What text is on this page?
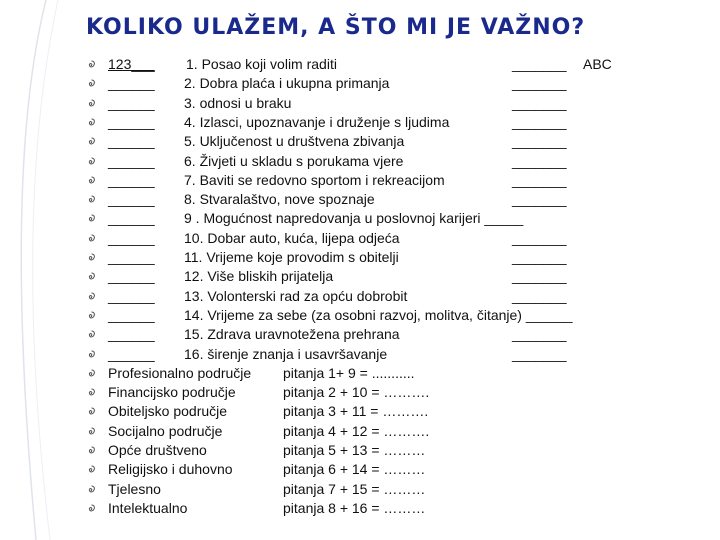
KOLIKO ULAŽEM, A ŠTO MI JE VAŽNO?
123___ 1. Posao koji volim raditi	_______ ABC
______ 2. Dobra plaća i ukupna primanja	_______
______ 3. odnosi u braku	_______
______ 4. Izlasci, upoznavanje i druženje s ljudima	_______
______ 5. Uključenost u društvena zbivanja	_______
______ 6. Živjeti u skladu s porukama vjere	_______
______ 7. Baviti se redovno sportom i rekreacijom	_______
______ 8. Stvaralaštvo, nove spoznaje	_______
______ 9 . Mogućnost napredovanja u poslovnoj karijeri _____
______ 10. Dobar auto, kuća, lijepa odjeća	_______
______ 11. Vrijeme koje provodim s obitelji	_______
______ 12. Više bliskih prijatelja	_______
______ 13. Volonterski rad za opću dobrobit	_______
______ 14. Vrijeme za sebe (za osobni razvoj, molitva, čitanje) ______
______ 15. Zdrava uravnotežena prehrana	_______
______ 16. širenje znanja i usavršavanje	_______
Profesionalno područje pitanja 1+ 9 = ...........
Financijsko područje	pitanja 2 + 10 = ……….
Obiteljsko područje	pitanja 3 + 11 = ……….
Socijalno područje	pitanja 4 + 12 = ……….
Opće društveno	pitanja 5 + 13 = ………
Religijsko i duhovno	pitanja 6 + 14 = ………
Tjelesno	pitanja 7 + 15 = ………
Intelektualno	pitanja 8 + 16 = ………
